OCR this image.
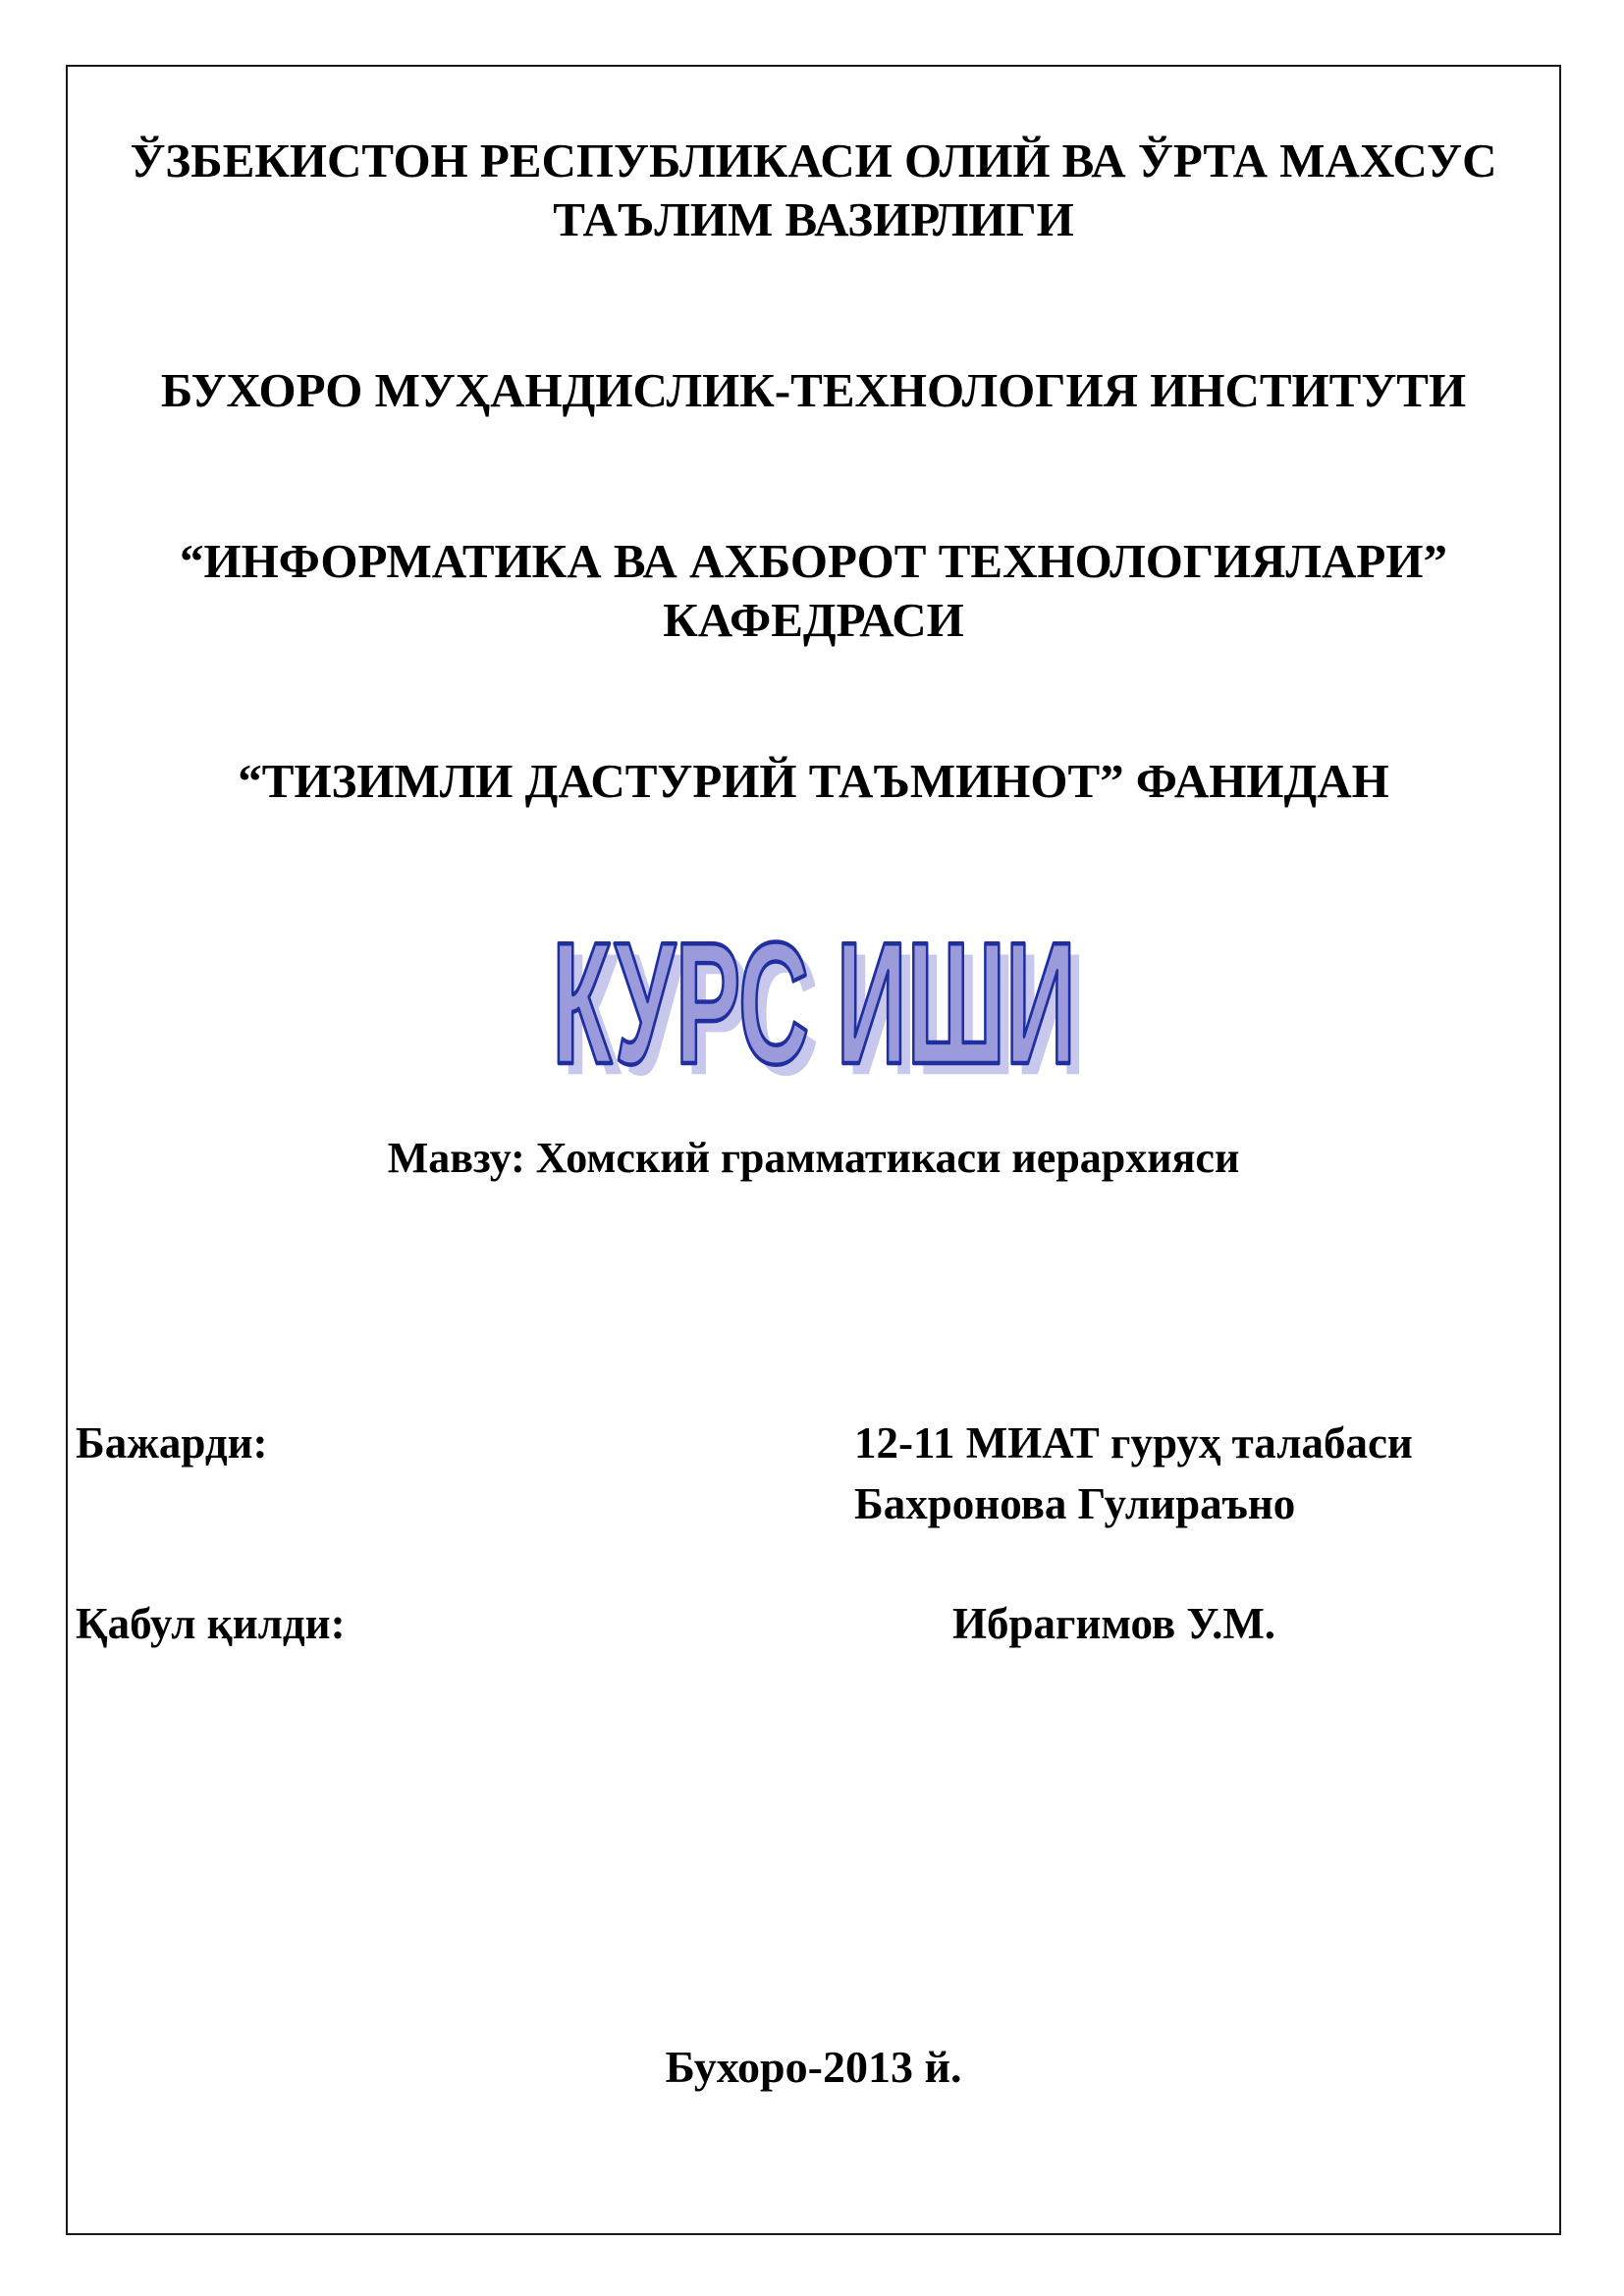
ЎЗБЕКИСТОН РЕСПУБЛИКАСИ ОЛИЙ ВА ЎРТА МАХСУС
ТАЪЛИМ ВАЗИРЛИГИ
БУХОРО МУҲАНДИСЛИК-ТЕХНОЛОГИЯ ИНСТИТУТИ
“ИНФОРМАТИКА ВА АХБОРОТ ТЕХНОЛОГИЯЛАРИ”
КАФЕДРАСИ
“ТИЗИМЛИ ДАСТУРИЙ ТАЪМИНОТ” ФАНИДАН
КУРС ИШИ
КУРС ИШИ
Мавзу: Хомский грамматикаси иерархияси
Бажарди:	12-11 МИАТ гуруҳ талабаси
Бахронова Гулираъно
Қабул қилди:	Ибрагимов У.М.
Бухоро-2013 й.
